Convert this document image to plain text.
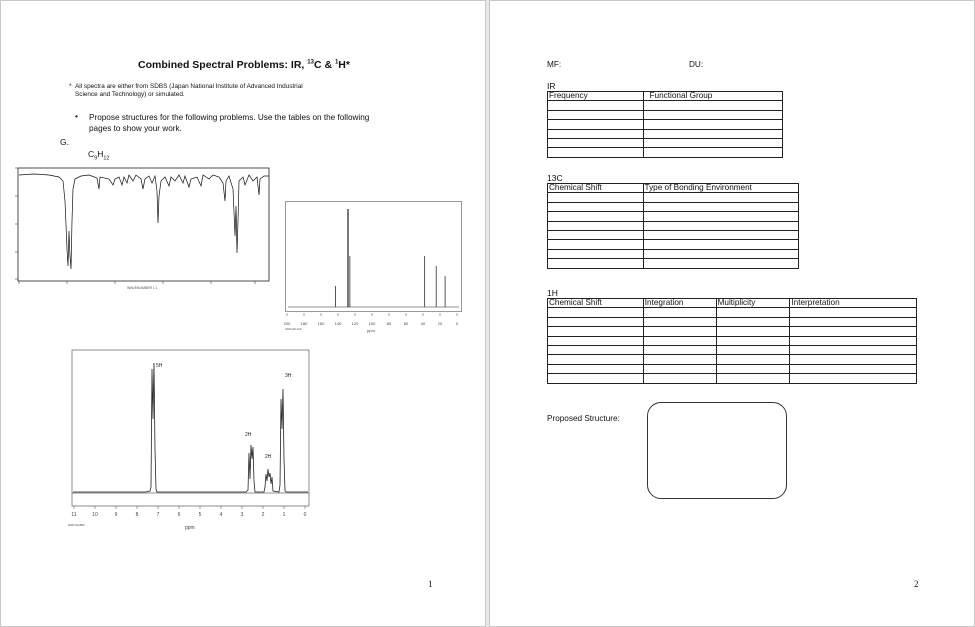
Combined Spectral Problems: IR, $^{13}$C & $^1$H*
* All spectra are either from SDBS (Japan National Institute of Advanced Industrial
Science and Technology) or simulated.
• Propose structures for the following problems. Use the tables on the following
pages to show your work.
G.
$C_9H_{12}$
WAVENUMBER /-1
200	180	160	140	120	100	80	60	40	20	0
ppm
CDS-00-112
5H
3H
2H
2H
11	10	9	8	7	6	5	4	3	2	1	0
ppm
HSP-00-882
1
MF:	DU:
IR
Frequency	Functional Group

13C
Chemical Shift	Type of Bonding Environment

1H
Chemical Shift	Integration	Multiplicity	Interpretation

Proposed Structure:
2
